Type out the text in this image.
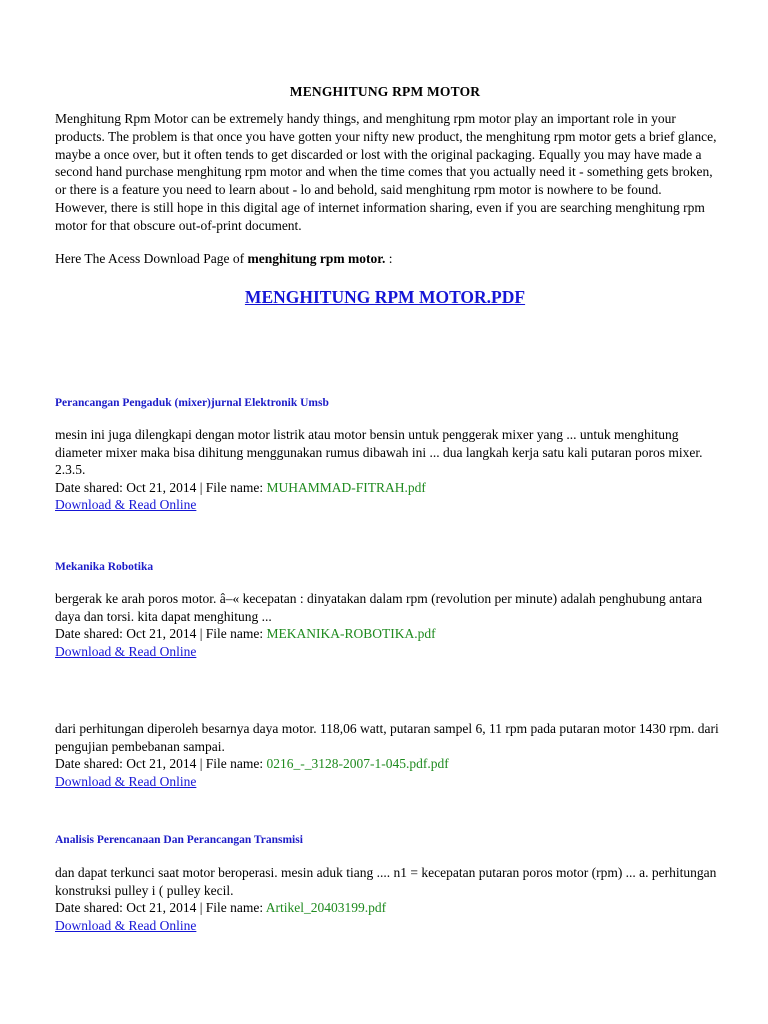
MENGHITUNG RPM MOTOR

Menghitung Rpm Motor can be extremely handy things, and menghitung rpm motor play an important role in your products. The problem is that once you have gotten your nifty new product, the menghitung rpm motor gets a brief glance, maybe a once over, but it often tends to get discarded or lost with the original packaging. Equally you may have made a second hand purchase menghitung rpm motor and when the time comes that you actually need it - something gets broken, or there is a feature you need to learn about - lo and behold, said menghitung rpm motor is nowhere to be found. However, there is still hope in this digital age of internet information sharing, even if you are searching menghitung rpm motor for that obscure out-of-print document.

Here The Acess Download Page of menghitung rpm motor. :

MENGHITUNG RPM MOTOR.PDF

Perancangan Pengaduk (mixer)jurnal Elektronik Umsb

mesin ini juga dilengkapi dengan motor listrik atau motor bensin untuk penggerak mixer yang ... untuk menghitung diameter mixer maka bisa dihitung menggunakan rumus dibawah ini ... dua langkah kerja satu kali putaran poros mixer. 2.3.5.

Date shared: Oct 21, 2014 | File name: MUHAMMAD-FITRAH.pdf

Download & Read Online

Mekanika Robotika

bergerak ke arah poros motor. â–« kecepatan : dinyatakan dalam rpm (revolution per minute) adalah penghubung antara daya dan torsi. kita dapat menghitung ...

Date shared: Oct 21, 2014 | File name: MEKANIKA-ROBOTIKA.pdf

Download & Read Online

dari perhitungan diperoleh besarnya daya motor. 118,06 watt, putaran sampel 6, 11 rpm pada putaran motor 1430 rpm. dari pengujian pembebanan sampai.

Date shared: Oct 21, 2014 | File name: 0216_-_3128-2007-1-045.pdf.pdf

Download & Read Online

Analisis Perencanaan Dan Perancangan Transmisi

dan dapat terkunci saat motor beroperasi. mesin aduk tiang .... n1 = kecepatan putaran poros motor (rpm) ... a. perhitungan konstruksi pulley i ( pulley kecil.

Date shared: Oct 21, 2014 | File name: Artikel_20403199.pdf

Download & Read Online
